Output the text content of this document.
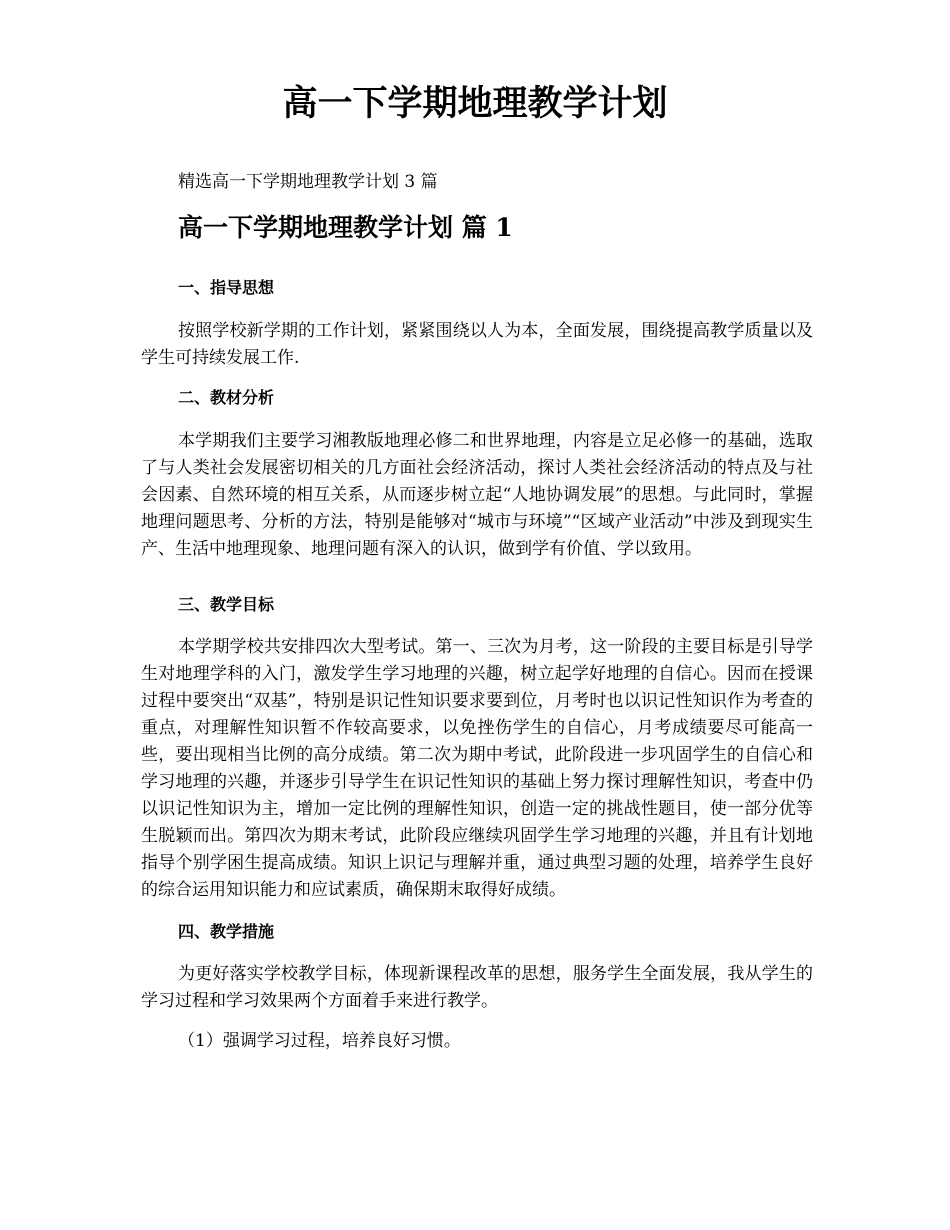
高一下学期地理教学计划

精选高一下学期地理教学计划 3 篇

高一下学期地理教学计划 篇 1
一、指导思想

按照学校新学期的工作计划，紧紧围绕以人为本，全面发展，围绕提高教学质量以及学生可持续发展工作.

二、教材分析

本学期我们主要学习湘教版地理必修二和世界地理，内容是立足必修一的基础，选取了与人类社会发展密切相关的几方面社会经济活动，探讨人类社会经济活动的特点及与社会因素、自然环境的相互关系，从而逐步树立起“人地协调发展”的思想。与此同时，掌握地理问题思考、分析的方法，特别是能够对“城市与环境”“区域产业活动”中涉及到现实生产、生活中地理现象、地理问题有深入的认识，做到学有价值、学以致用。

三、教学目标

本学期学校共安排四次大型考试。第一、三次为月考，这一阶段的主要目标是引导学生对地理学科的入门，激发学生学习地理的兴趣，树立起学好地理的自信心。因而在授课过程中要突出“双基”，特别是识记性知识要求要到位，月考时也以识记性知识作为考查的重点，对理解性知识暂不作较高要求，以免挫伤学生的自信心，月考成绩要尽可能高一些，要出现相当比例的高分成绩。第二次为期中考试，此阶段进一步巩固学生的自信心和学习地理的兴趣，并逐步引导学生在识记性知识的基础上努力探讨理解性知识，考查中仍以识记性知识为主，增加一定比例的理解性知识，创造一定的挑战性题目，使一部分优等生脱颖而出。第四次为期末考试，此阶段应继续巩固学生学习地理的兴趣，并且有计划地指导个别学困生提高成绩。知识上识记与理解并重，通过典型习题的处理，培养学生良好的综合运用知识能力和应试素质，确保期末取得好成绩。

四、教学措施

为更好落实学校教学目标，体现新课程改革的思想，服务学生全面发展，我从学生的学习过程和学习效果两个方面着手来进行教学。

（1）强调学习过程，培养良好习惯。
